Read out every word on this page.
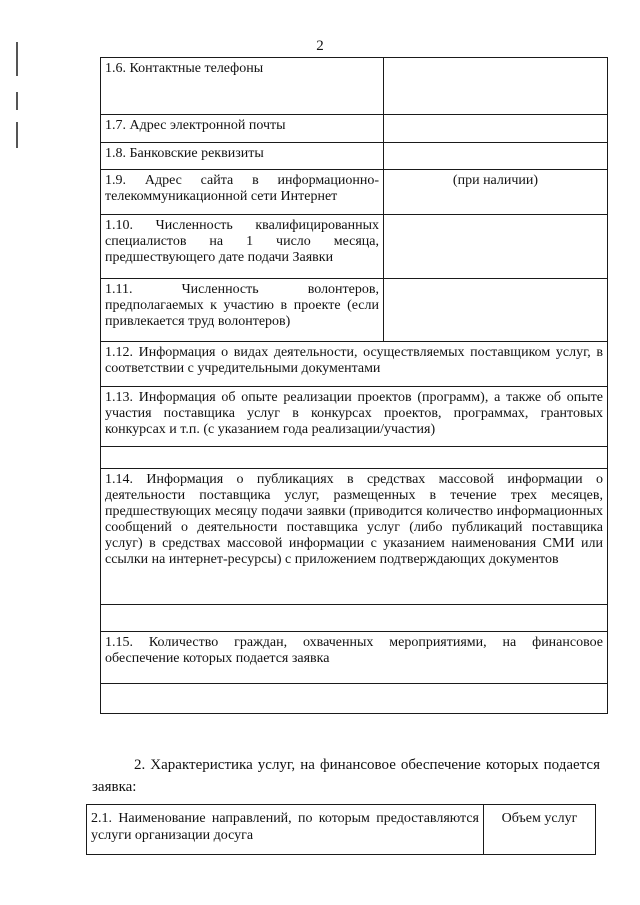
2
1.6. Контактные телефоны	
1.7. Адрес электронной почты	
1.8. Банковские реквизиты	
1.9. Адрес сайта в информационно-телекоммуникационной сети Интернет	(при наличии)
1.10. Численность квалифицированных специалистов на 1 число месяца, предшествующего дате подачи Заявки	
1.11. Численность волонтеров, предполагаемых к участию в проекте (если привлекается труд волонтеров)	
1.12. Информация о видах деятельности, осуществляемых поставщиком услуг, в соответствии с учредительными документами	
1.13. Информация об опыте реализации проектов (программ), а также об опыте участия поставщика услуг в конкурсах проектов, программах, грантовых конкурсах и т.п. (с указанием года реализации/участия)	

1.14. Информация о публикациях в средствах массовой информации о деятельности поставщика услуг, размещенных в течение трех месяцев, предшествующих месяцу подачи заявки (приводится количество информационных сообщений о деятельности поставщика услуг (либо публикаций поставщика услуг) в средствах массовой информации с указанием наименования СМИ или ссылки на интернет-ресурсы) с приложением подтверждающих документов	

1.15. Количество граждан, охваченных мероприятиями, на финансовое обеспечение которых подается заявка	

2. Характеристика услуг, на финансовое обеспечение которых подается заявка:
2.1. Наименование направлений, по которым предоставляются услуги организации досуга	Объем услуг
